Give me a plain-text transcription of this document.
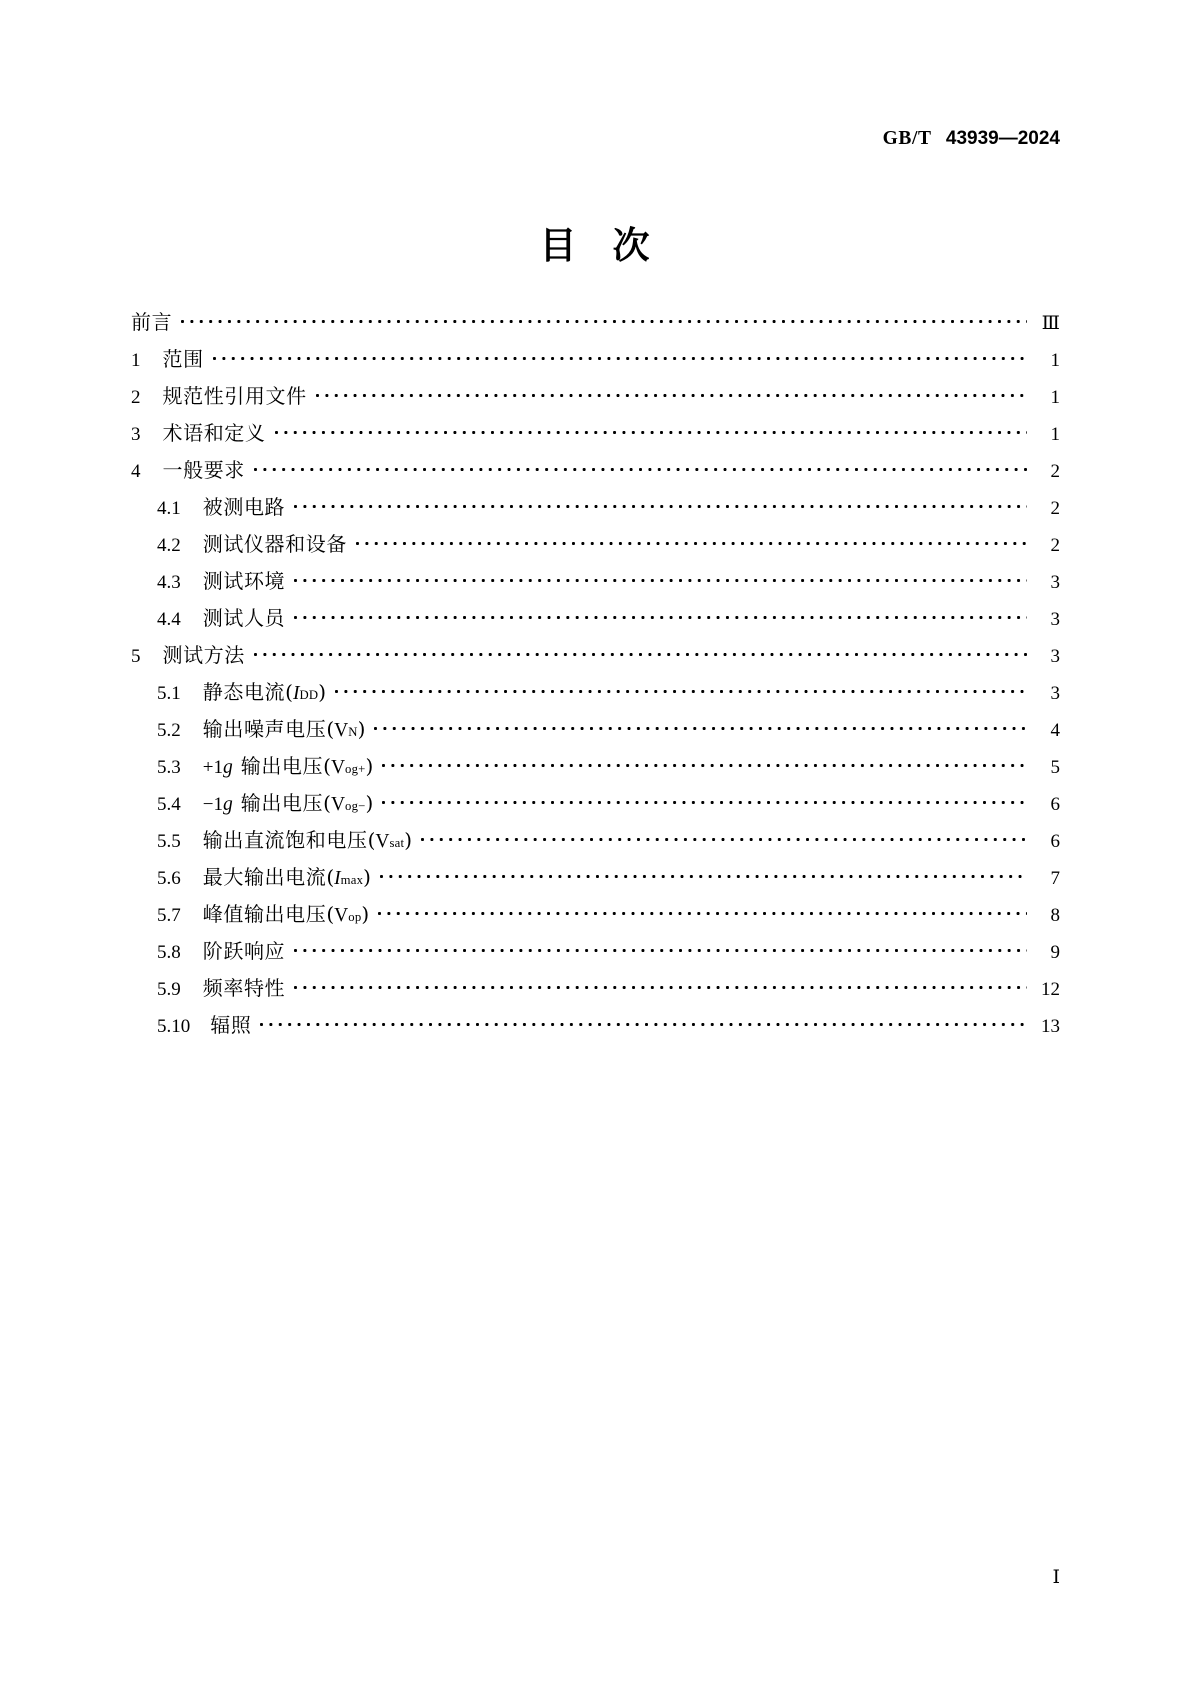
GB/T 43939—2024
目 次
前言	Ⅲ
1 范围	1
2 规范性引用文件	1
3 术语和定义	1
4 一般要求	2
4.1 被测电路	2
4.2 测试仪器和设备	2
4.3 测试环境	3
4.4 测试人员	3
5 测试方法	3
5.1 静态电流 ( I DD )	3
5.2 输出噪声电压 ( V N )	4
5.3 +1 g 输出电压 ( V og+ )	5
5.4 −1 g 输出电压 ( V og− )	6
5.5 输出直流饱和电压 ( V sat )	6
5.6 最大输出电流 ( I max )	7
5.7 峰值输出电压 ( V op )	8
5.8 阶跃响应	9
5.9 频率特性	12
5.10 辐照	13
Ⅰ
